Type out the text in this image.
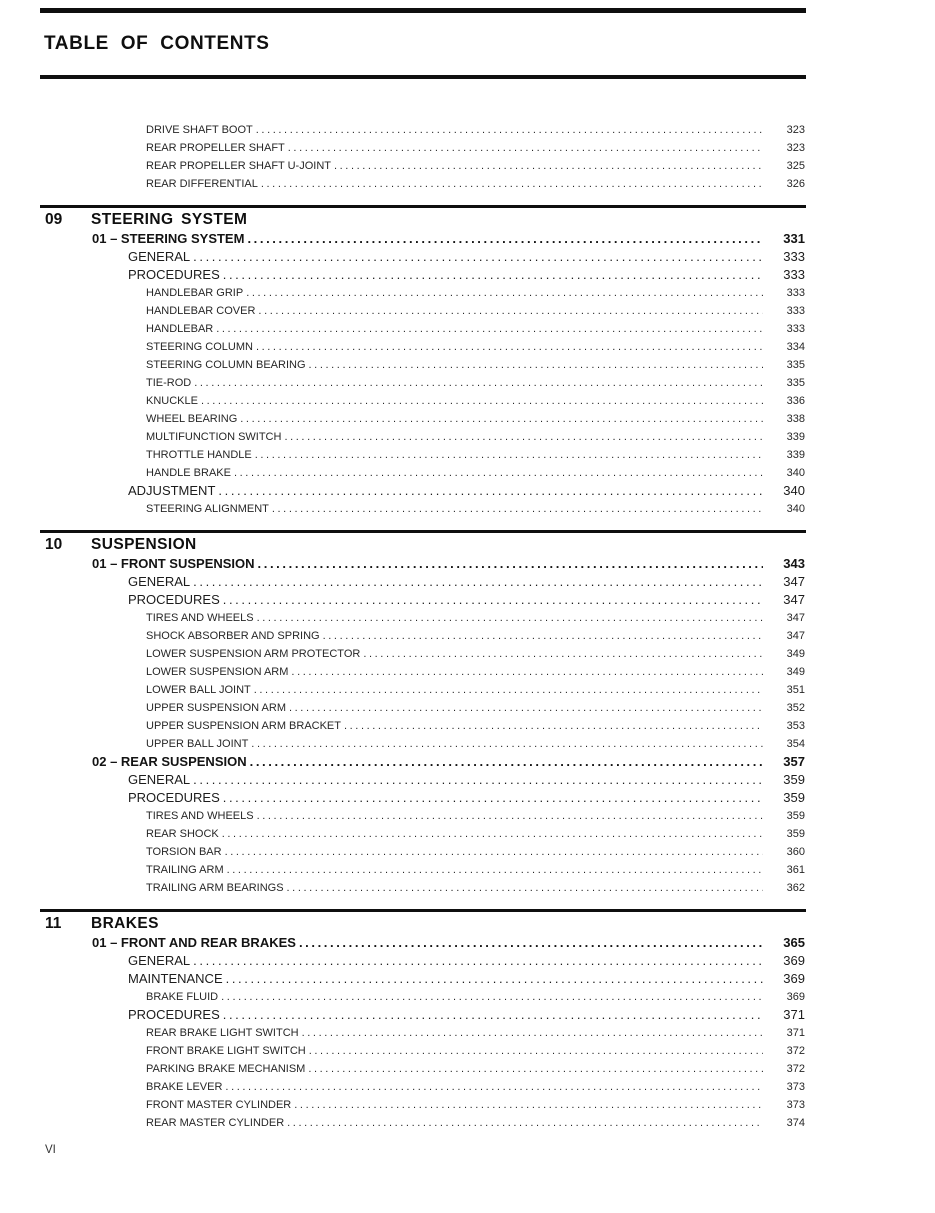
TABLE OF CONTENTS
DRIVE SHAFT BOOT .....	323
REAR PROPELLER SHAFT .....	323
REAR PROPELLER SHAFT U-JOINT .....	325
REAR DIFFERENTIAL .....	326
09	STEERING SYSTEM
01 – STEERING SYSTEM .....	331
GENERAL .....	333
PROCEDURES .....	333
HANDLEBAR GRIP .....	333
HANDLEBAR COVER .....	333
HANDLEBAR .....	333
STEERING COLUMN .....	334
STEERING COLUMN BEARING .....	335
TIE-ROD .....	335
KNUCKLE .....	336
WHEEL BEARING .....	338
MULTIFUNCTION SWITCH .....	339
THROTTLE HANDLE .....	339
HANDLE BRAKE .....	340
ADJUSTMENT .....	340
STEERING ALIGNMENT .....	340
10	SUSPENSION
01 – FRONT SUSPENSION .....	343
GENERAL .....	347
PROCEDURES .....	347
TIRES AND WHEELS .....	347
SHOCK ABSORBER AND SPRING .....	347
LOWER SUSPENSION ARM PROTECTOR .....	349
LOWER SUSPENSION ARM .....	349
LOWER BALL JOINT .....	351
UPPER SUSPENSION ARM .....	352
UPPER SUSPENSION ARM BRACKET .....	353
UPPER BALL JOINT .....	354
02 – REAR SUSPENSION .....	357
GENERAL .....	359
PROCEDURES .....	359
TIRES AND WHEELS .....	359
REAR SHOCK .....	359
TORSION BAR .....	360
TRAILING ARM .....	361
TRAILING ARM BEARINGS .....	362
11	BRAKES
01 – FRONT AND REAR BRAKES .....	365
GENERAL .....	369
MAINTENANCE .....	369
BRAKE FLUID .....	369
PROCEDURES .....	371
REAR BRAKE LIGHT SWITCH .....	371
FRONT BRAKE LIGHT SWITCH .....	372
PARKING BRAKE MECHANISM .....	372
BRAKE LEVER .....	373
FRONT MASTER CYLINDER .....	373
REAR MASTER CYLINDER .....	374
VI
